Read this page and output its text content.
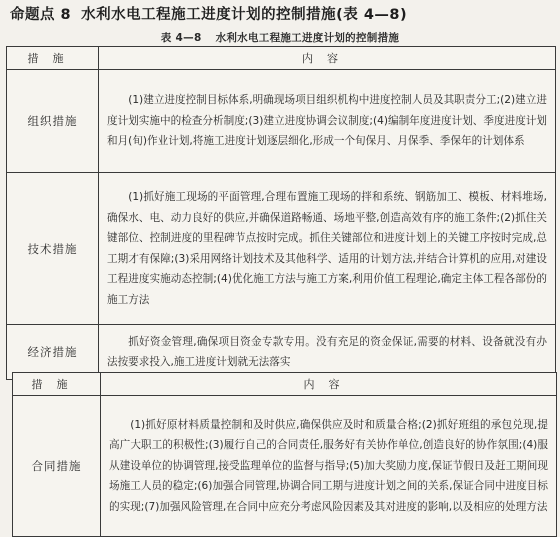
命题点 8 水利水电工程施工进度计划的控制措施(表 4—8)
表 4—8 水利水电工程施工进度计划的控制措施
措施	内容
组织措施	(1)建立进度控制目标体系,明确现场项目组织机构中进度控制人员及其职责分工;(2)建立进度计划实施中的检查分析制度;(3)建立进度协调会议制度;(4)编制年度进度计划、季度进度计划和月(旬)作业计划,将施工进度计划逐层细化,形成一个旬保月、月保季、季保年的计划体系
技术措施	(1)抓好施工现场的平面管理,合理布置施工现场的拌和系统、钢筋加工、模板、材料堆场,确保水、电、动力良好的供应,并确保道路畅通、场地平整,创造高效有序的施工条件;(2)抓住关键部位、控制进度的里程碑节点按时完成。抓住关键部位和进度计划上的关键工序按时完成,总工期才有保障;(3)采用网络计划技术及其他科学、适用的计划方法,并结合计算机的应用,对建设工程进度实施动态控制;(4)优化施工方法与施工方案,利用价值工程理论,确定主体工程各部份的施工方法
经济措施	抓好资金管理,确保项目资金专款专用。没有充足的资金保证,需要的材料、设备就没有办法按要求投入,施工进度计划就无法落实
措施	内容
合同措施	(1)抓好原材料质量控制和及时供应,确保供应及时和质量合格;(2)抓好班组的承包兑现,提高广大职工的积极性;(3)履行自己的合同责任,服务好有关协作单位,创造良好的协作氛围;(4)服从建设单位的协调管理,接受监理单位的监督与指导;(5)加大奖励力度,保证节假日及赶工期间现场施工人员的稳定;(6)加强合同管理,协调合同工期与进度计划之间的关系,保证合同中进度目标的实现;(7)加强风险管理,在合同中应充分考虑风险因素及其对进度的影响,以及相应的处理方法
